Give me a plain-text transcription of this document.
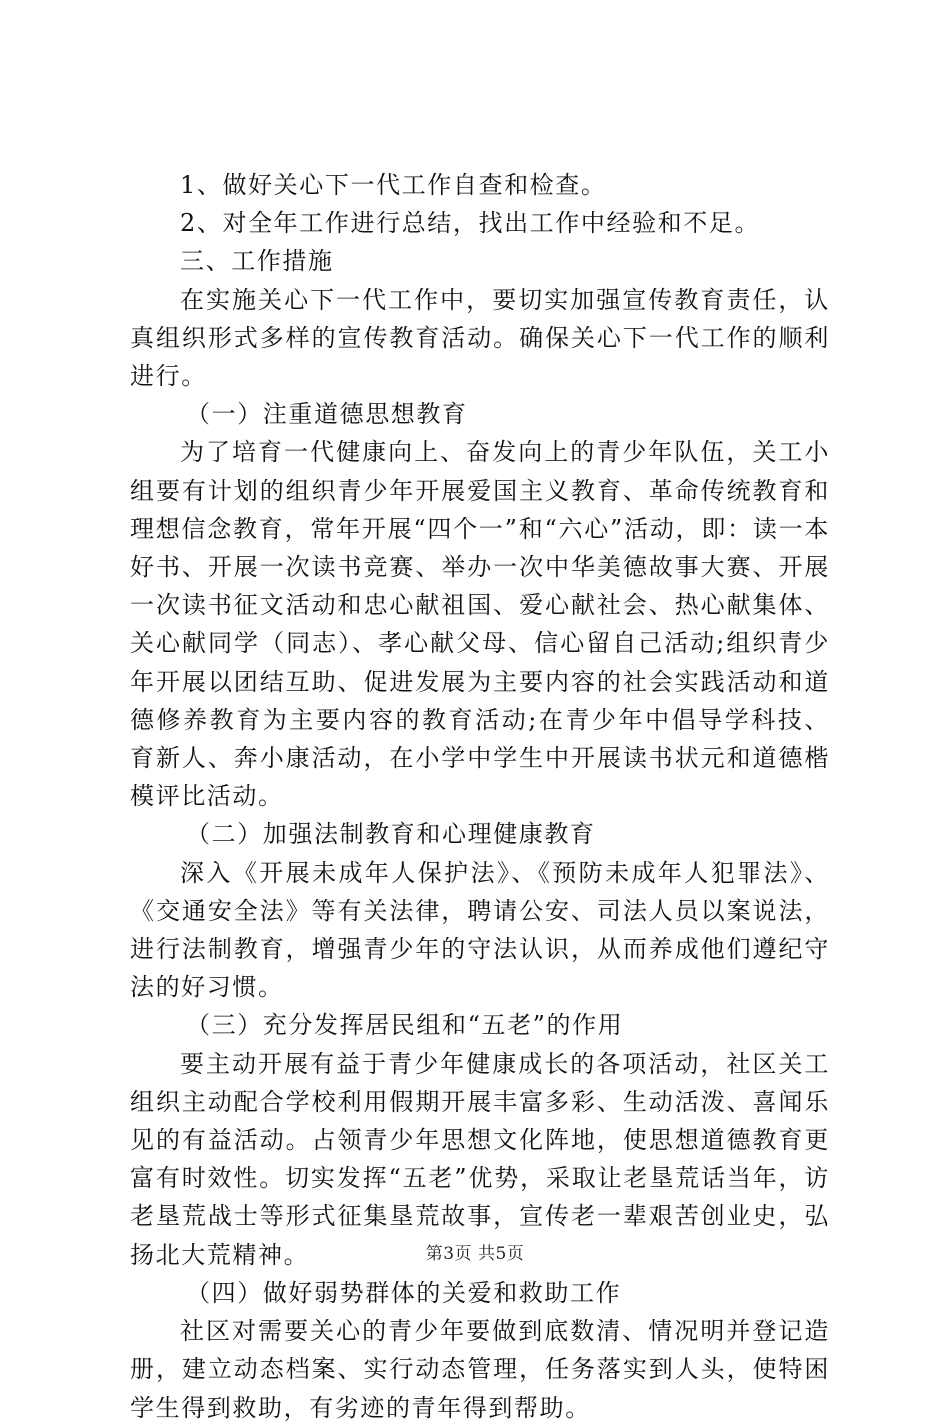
1、做好关心下一代工作自查和检查。

2、对全年工作进行总结，找出工作中经验和不足。

三、工作措施

在实施关心下一代工作中，要切实加强宣传教育责任，认真组织形式多样的宣传教育活动。确保关心下一代工作的顺利进行。

（一）注重道德思想教育

为了培育一代健康向上、奋发向上的青少年队伍，关工小组要有计划的组织青少年开展爱国主义教育、革命传统教育和理想信念教育，常年开展“四个一”和“六心”活动，即：读一本好书、开展一次读书竞赛、举办一次中华美德故事大赛、开展一次读书征文活动和忠心献祖国、爱心献社会、热心献集体、关心献同学（同志）、孝心献父母、信心留自己活动;组织青少年开展以团结互助、促进发展为主要内容的社会实践活动和道德修养教育为主要内容的教育活动;在青少年中倡导学科技、育新人、奔小康活动，在小学中学生中开展读书状元和道德楷模评比活动。

（二）加强法制教育和心理健康教育

深入《开展未成年人保护法》、《预防未成年人犯罪法》、《交通安全法》等有关法律，聘请公安、司法人员以案说法，进行法制教育，增强青少年的守法认识，从而养成他们遵纪守法的好习惯。

（三）充分发挥居民组和“五老”的作用

要主动开展有益于青少年健康成长的各项活动，社区关工组织主动配合学校利用假期开展丰富多彩、生动活泼、喜闻乐见的有益活动。占领青少年思想文化阵地，使思想道德教育更富有时效性。切实发挥“五老”优势，采取让老垦荒话当年，访老垦荒战士等形式征集垦荒故事，宣传老一辈艰苦创业史，弘扬北大荒精神。

（四）做好弱势群体的关爱和救助工作

社区对需要关心的青少年要做到底数清、情况明并登记造册，建立动态档案、实行动态管理，任务落实到人头，使特困学生得到救助，有劣迹的青年得到帮助。

第3页 共5页
